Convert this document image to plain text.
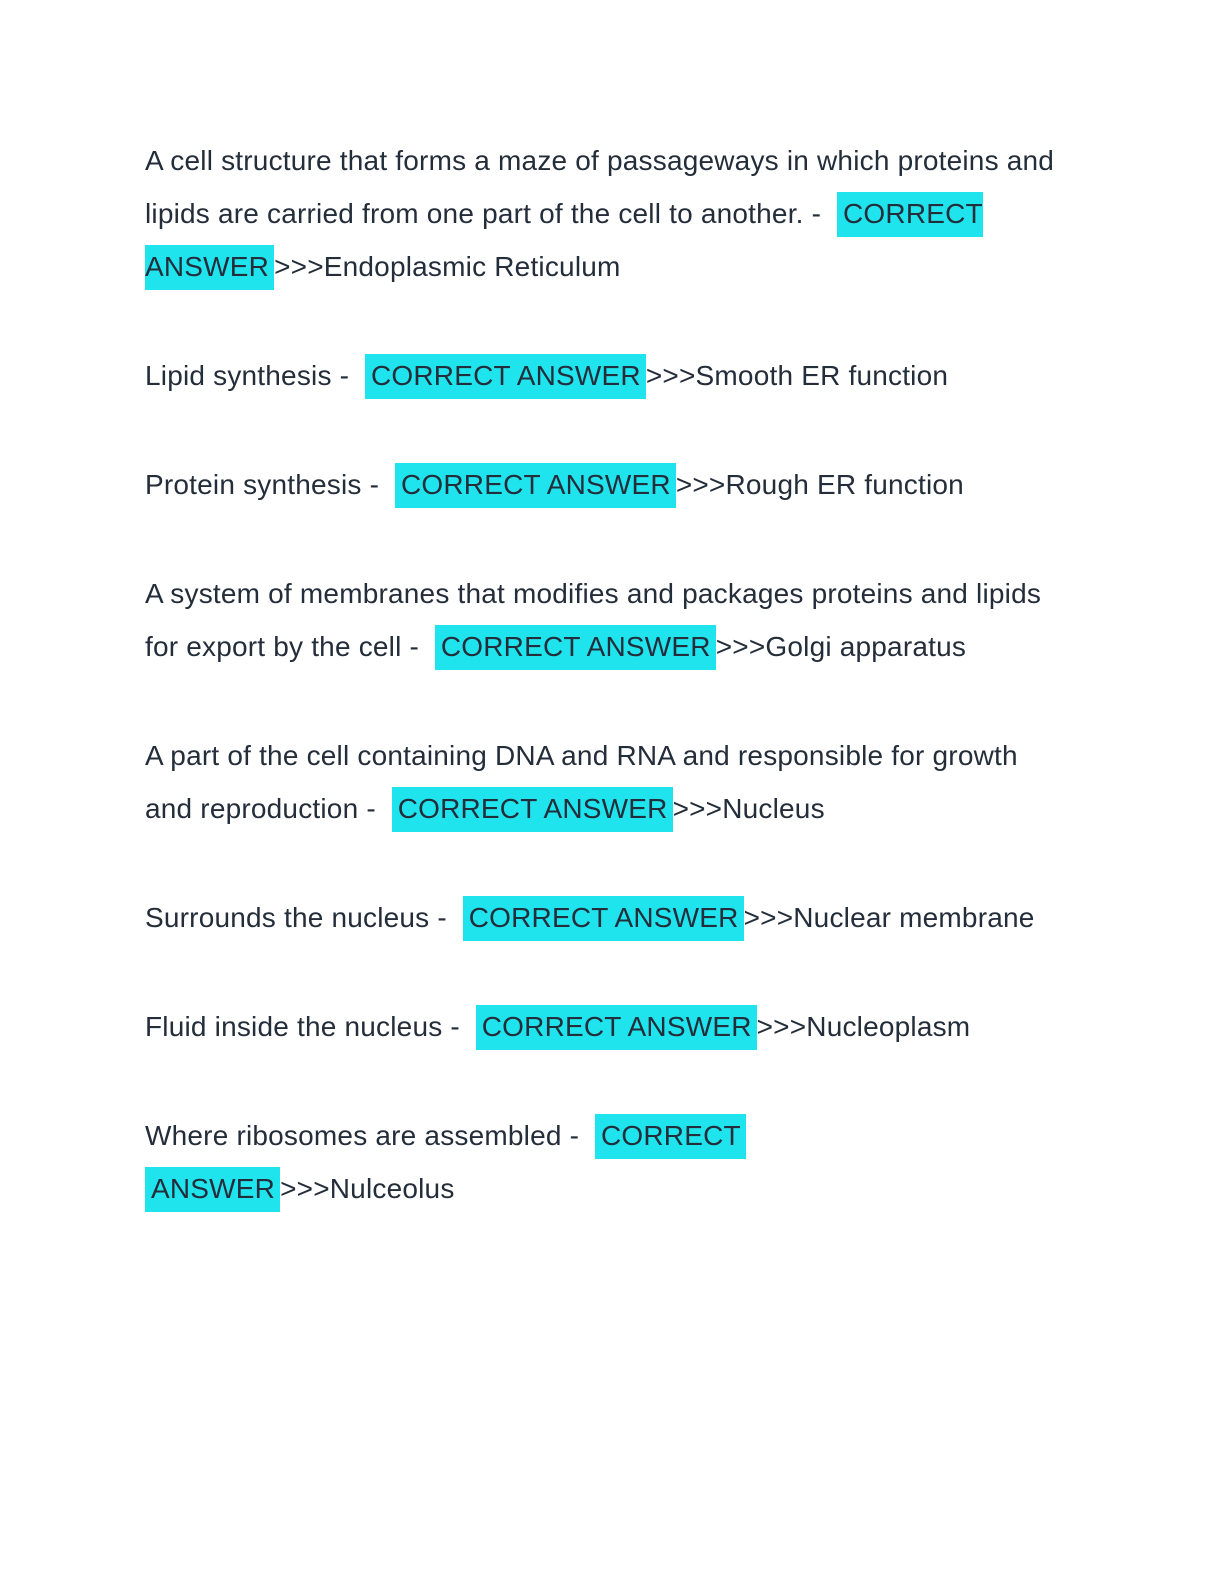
A cell structure that forms a maze of passageways in which proteins and lipids are carried from one part of the cell to another. - CORRECT ANSWER >>>Endoplasmic Reticulum

Lipid synthesis - CORRECT ANSWER >>>Smooth ER function

Protein synthesis - CORRECT ANSWER >>>Rough ER function

A system of membranes that modifies and packages proteins and lipids for export by the cell - CORRECT ANSWER >>>Golgi apparatus

A part of the cell containing DNA and RNA and responsible for growth and reproduction - CORRECT ANSWER >>>Nucleus

Surrounds the nucleus - CORRECT ANSWER >>>Nuclear membrane

Fluid inside the nucleus - CORRECT ANSWER >>>Nucleoplasm

Where ribosomes are assembled - CORRECT
ANSWER >>>Nulceolus
